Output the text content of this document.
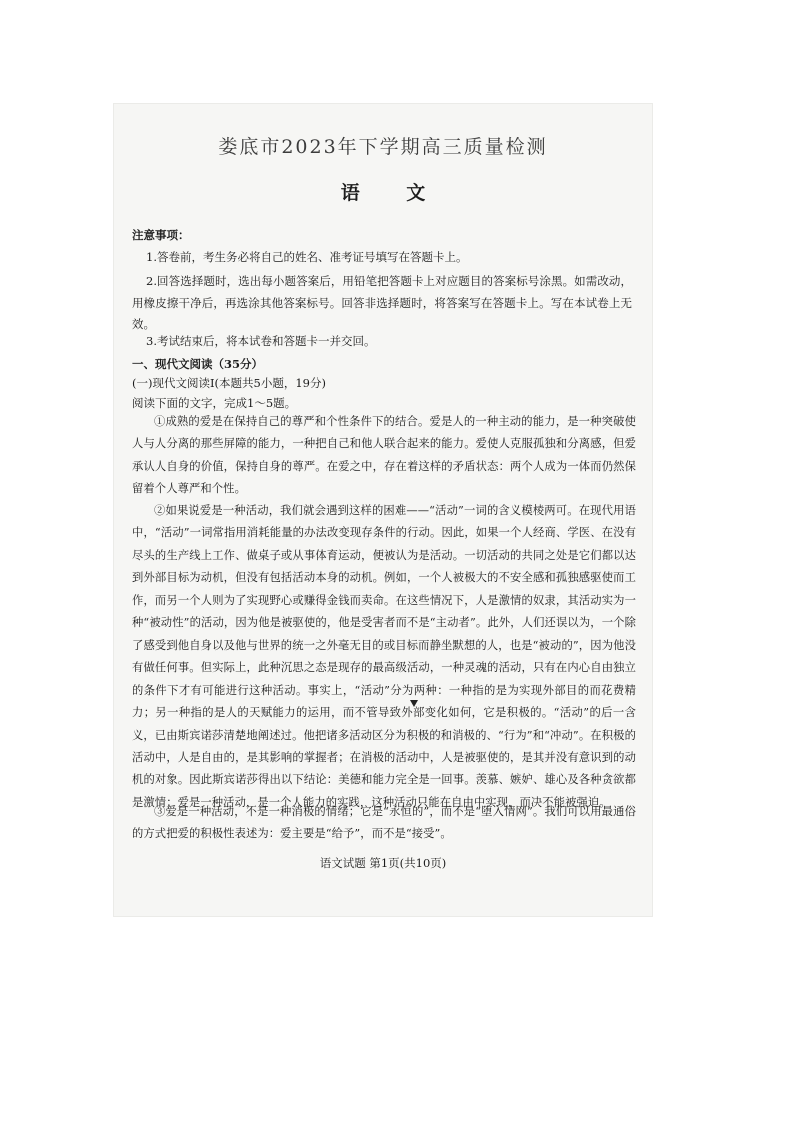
娄底市2023年下学期高三质量检测
语 文
注意事项：
1.答卷前，考生务必将自己的姓名、准考证号填写在答题卡上。
2.回答选择题时，选出每小题答案后，用铅笔把答题卡上对应题目的答案标号涂黑。如需改动，用橡皮擦干净后，再选涂其他答案标号。回答非选择题时，将答案写在答题卡上。写在本试卷上无效。
3.考试结束后，将本试卷和答题卡一并交回。
一、现代文阅读（35分）
(一)现代文阅读Ⅰ(本题共5小题，19分)
阅读下面的文字，完成1～5题。
①成熟的爱是在保持自己的尊严和个性条件下的结合。爱是人的一种主动的能力，是一种突破使人与人分离的那些屏障的能力，一种把自己和他人联合起来的能力。爱使人克服孤独和分离感，但爱承认人自身的价值，保持自身的尊严。在爱之中，存在着这样的矛盾状态：两个人成为一体而仍然保留着个人尊严和个性。
②如果说爱是一种活动，我们就会遇到这样的困难——“活动”一词的含义模棱两可。在现代用语中，“活动”一词常指用消耗能量的办法改变现存条件的行动。因此，如果一个人经商、学医、在没有尽头的生产线上工作、做桌子或从事体育运动，便被认为是活动。一切活动的共同之处是它们都以达到外部目标为动机，但没有包括活动本身的动机。例如，一个人被极大的不安全感和孤独感驱使而工作，而另一个人则为了实现野心或赚得金钱而卖命。在这些情况下，人是激情的奴隶，其活动实为一种“被动性”的活动，因为他是被驱使的，他是受害者而不是“主动者”。此外，人们还误以为，一个除了感受到他自身以及他与世界的统一之外毫无目的或目标而静坐默想的人，也是“被动的”，因为他没有做任何事。但实际上，此种沉思之态是现存的最高级活动，一种灵魂的活动，只有在内心自由独立的条件下才有可能进行这种活动。事实上，“活动”分为两种：一种指的是为实现外部目的而花费精力；另一种指的是人的天赋能力的运用，而不管导致外部变化如何，它是积极的。“活动”的后一含义，已由斯宾诺莎清楚地阐述过。他把诸多活动区分为积极的和消极的、“行为”和“冲动”。在积极的活动中，人是自由的，是其影响的掌握者；在消极的活动中，人是被驱使的，是其并没有意识到的动机的对象。因此斯宾诺莎得出以下结论：美德和能力完全是一回事。羡慕、嫉妒、雄心及各种贪欲都是激情；爱是一种活动，是一个人能力的实践，这种活动只能在自由中实现，而决不能被强迫。
③爱是一种活动，不是一种消极的情绪；它是“永恒的”，而不是“堕入情网”。我们可以用最通俗的方式把爱的积极性表述为：爱主要是“给予”，而不是“接受”。
语文试题 第1页(共10页)
